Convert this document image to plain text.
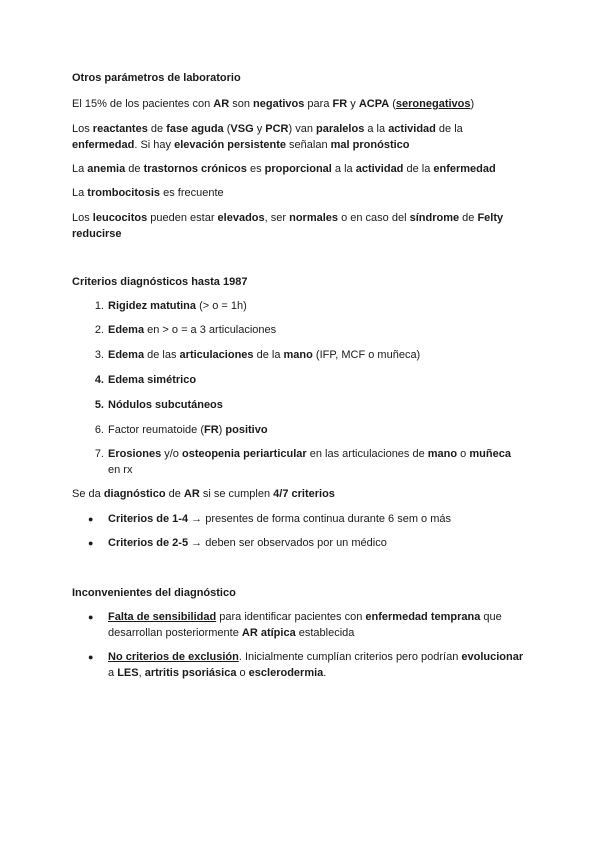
Otros parámetros de laboratorio
El 15% de los pacientes con AR son negativos para FR y ACPA (seronegativos)
Los reactantes de fase aguda (VSG y PCR) van paralelos a la actividad de la
enfermedad. Si hay elevación persistente señalan mal pronóstico
La anemia de trastornos crónicos es proporcional a la actividad de la enfermedad
La trombocitosis es frecuente
Los leucocitos pueden estar elevados, ser normales o en caso del síndrome de Felty
reducirse
Criterios diagnósticos hasta 1987
1. Rigidez matutina (> o = 1h)
2. Edema en > o = a 3 articulaciones
3. Edema de las articulaciones de la mano (IFP, MCF o muñeca)
4. Edema simétrico
5. Nódulos subcutáneos
6. Factor reumatoide (FR) positivo
7. Erosiones y/o osteopenia periarticular en las articulaciones de mano o muñeca
en rx
Se da diagnóstico de AR si se cumplen 4/7 criterios
● Criterios de 1-4 → presentes de forma continua durante 6 sem o más
● Criterios de 2-5 → deben ser observados por un médico
Inconvenientes del diagnóstico
● Falta de sensibilidad para identificar pacientes con enfermedad temprana que desarrollan posteriormente AR atípica establecida
● No criterios de exclusión. Inicialmente cumplían criterios pero podrían evolucionar a LES, artritis psoriásica o esclerodermia.
